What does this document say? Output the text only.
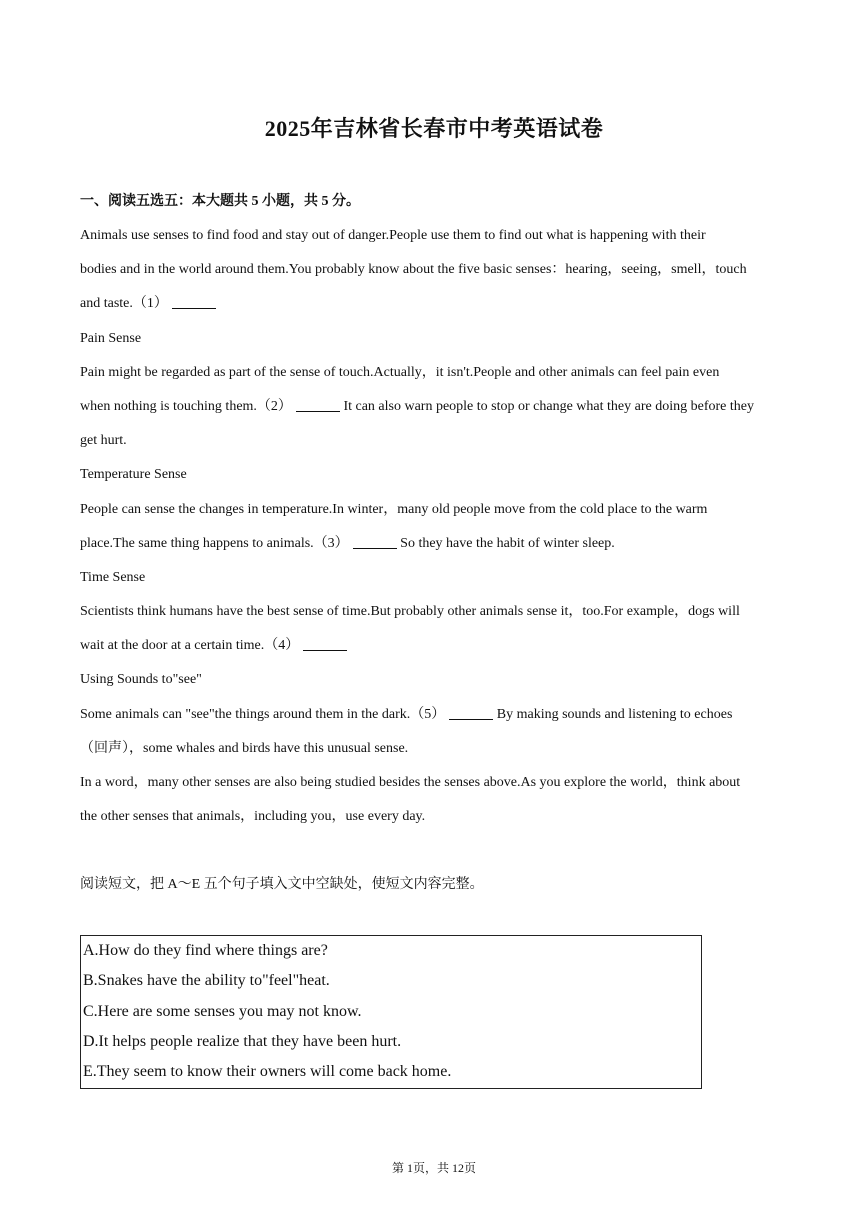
2025年吉林省长春市中考英语试卷
一、阅读五选五：本大题共 5 小题，共 5 分。
Animals use senses to find food and stay out of danger.People use them to find out what is happening with their
bodies and in the world around them.You probably know about the five basic senses：hearing，seeing，smell，touch
and taste.（1）
Pain Sense
Pain might be regarded as part of the sense of touch.Actually，it isn't.People and other animals can feel pain even
when nothing is touching them.（2）	It can also warn people to stop or change what they are doing before they
get hurt.
Temperature Sense
People can sense the changes in temperature.In winter，many old people move from the cold place to the warm
place.The same thing happens to animals.（3）	So they have the habit of winter sleep.
Time Sense
Scientists think humans have the best sense of time.But probably other animals sense it，too.For example，dogs will
wait at the door at a certain time.（4）
Using Sounds to"see"
Some animals can "see"the things around them in the dark.（5）	By making sounds and listening to echoes
（回声），some whales and birds have this unusual sense.
In a word，many other senses are also being studied besides the senses above.As you explore the world，think about
the other senses that animals，including you，use every day.
阅读短文，把 A～E 五个句子填入文中空缺处，使短文内容完整。
A.How do they find where things are?
B.Snakes have the ability to"feel"heat.
C.Here are some senses you may not know.
D.It helps people realize that they have been hurt.
E.They seem to know their owners will come back home.
第 1页，共 12页
